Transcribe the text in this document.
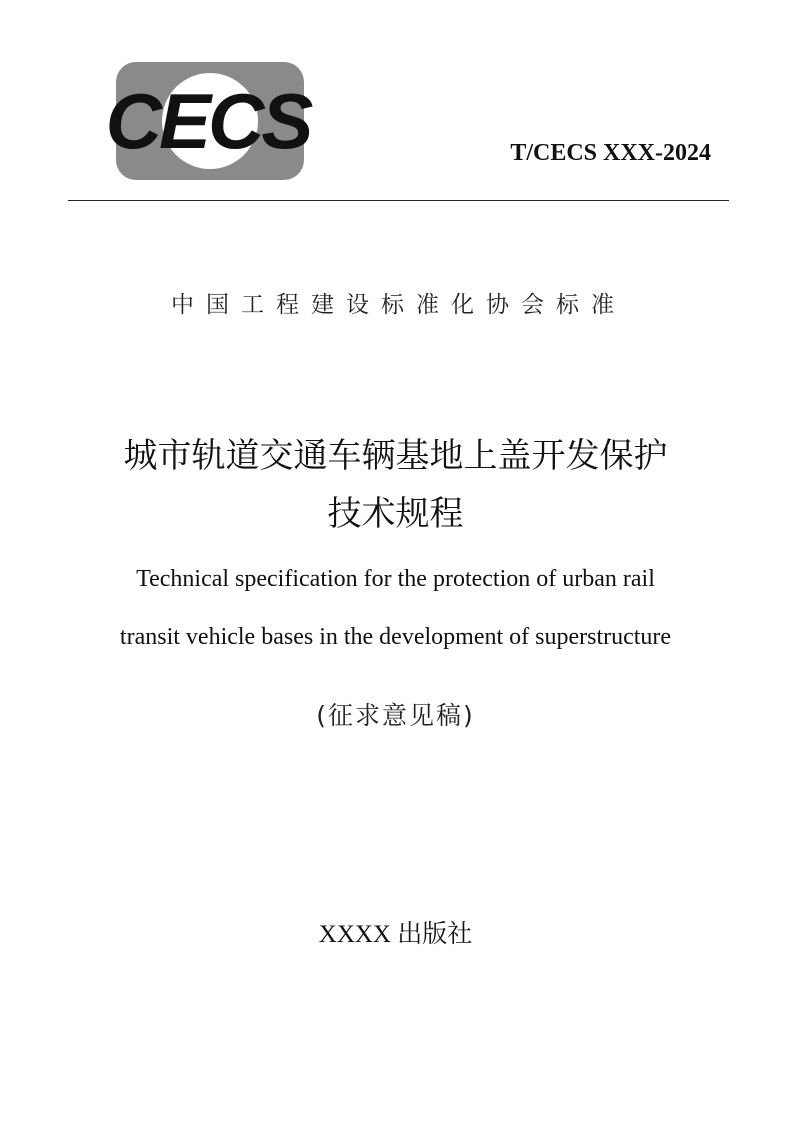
CECS	T/CECS XXX-2024
中国工程建设标准化协会标准
城市轨道交通车辆基地上盖开发保护
技术规程
Technical specification for the protection of urban rail
transit vehicle bases in the development of superstructure
(征求意见稿)
XXXX 出版社
